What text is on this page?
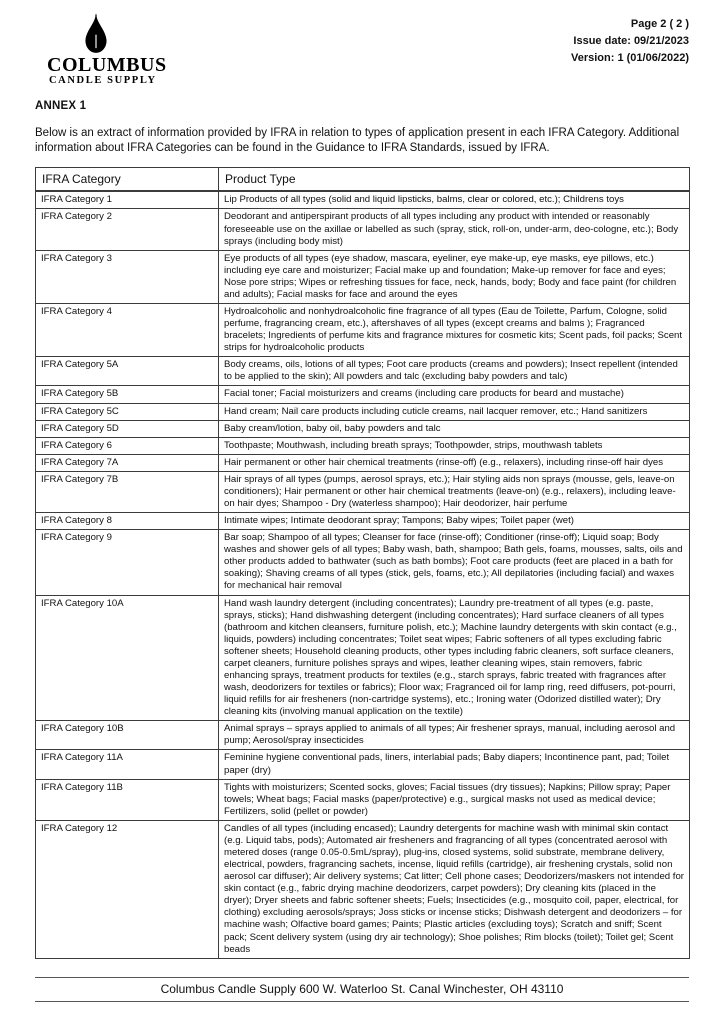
COLUMBUS
CANDLE SUPPLY
Page 2 ( 2 )
Issue date: 09/21/2023
Version: 1 (01/06/2022)
ANNEX 1
Below is an extract of information provided by IFRA in relation to types of application present in each IFRA Category. Additional information about IFRA Categories can be found in the Guidance to IFRA Standards, issued by IFRA.
IFRA Category	Product Type
IFRA Category 1	Lip Products of all types (solid and liquid lipsticks, balms, clear or colored, etc.); Childrens toys
IFRA Category 2	Deodorant and antiperspirant products of all types including any product with intended or reasonably foreseeable use on the axillae or labelled as such (spray, stick, roll-on, under-arm, deo-cologne, etc.); Body sprays (including body mist)
IFRA Category 3	Eye products of all types (eye shadow, mascara, eyeliner, eye make-up, eye masks, eye pillows, etc.) including eye care and moisturizer; Facial make up and foundation; Make-up remover for face and eyes; Nose pore strips; Wipes or refreshing tissues for face, neck, hands, body; Body and face paint (for children and adults); Facial masks for face and around the eyes
IFRA Category 4	Hydroalcoholic and nonhydroalcoholic fine fragrance of all types (Eau de Toilette, Parfum, Cologne, solid perfume, fragrancing cream, etc.), aftershaves of all types (except creams and balms ); Fragranced bracelets; Ingredients of perfume kits and fragrance mixtures for cosmetic kits; Scent pads, foil packs; Scent strips for hydroalcoholic products
IFRA Category 5A	Body creams, oils, lotions of all types; Foot care products (creams and powders); Insect repellent (intended to be applied to the skin); All powders and talc (excluding baby powders and talc)
IFRA Category 5B	Facial toner; Facial moisturizers and creams (including care products for beard and mustache)
IFRA Category 5C	Hand cream; Nail care products including cuticle creams, nail lacquer remover, etc.; Hand sanitizers
IFRA Category 5D	Baby cream/lotion, baby oil, baby powders and talc
IFRA Category 6	Toothpaste; Mouthwash, including breath sprays; Toothpowder, strips, mouthwash tablets
IFRA Category 7A	Hair permanent or other hair chemical treatments (rinse-off) (e.g., relaxers), including rinse-off hair dyes
IFRA Category 7B	Hair sprays of all types (pumps, aerosol sprays, etc.); Hair styling aids non sprays (mousse, gels, leave-on conditioners); Hair permanent or other hair chemical treatments (leave-on) (e.g., relaxers), including leave-on hair dyes; Shampoo - Dry (waterless shampoo); Hair deodorizer, hair perfume
IFRA Category 8	Intimate wipes; Intimate deodorant spray; Tampons; Baby wipes; Toilet paper (wet)
IFRA Category 9	Bar soap; Shampoo of all types; Cleanser for face (rinse-off); Conditioner (rinse-off); Liquid soap; Body washes and shower gels of all types; Baby wash, bath, shampoo; Bath gels, foams, mousses, salts, oils and other products added to bathwater (such as bath bombs); Foot care products (feet are placed in a bath for soaking); Shaving creams of all types (stick, gels, foams, etc.); All depilatories (including facial) and waxes for mechanical hair removal
IFRA Category 10A	Hand wash laundry detergent (including concentrates); Laundry pre-treatment of all types (e.g. paste, sprays, sticks); Hand dishwashing detergent (including concentrates); Hard surface cleaners of all types (bathroom and kitchen cleansers, furniture polish, etc.); Machine laundry detergents with skin contact (e.g., liquids, powders) including concentrates; Toilet seat wipes; Fabric softeners of all types excluding fabric softener sheets; Household cleaning products, other types including fabric cleaners, soft surface cleaners, carpet cleaners, furniture polishes sprays and wipes, leather cleaning wipes, stain removers, fabric enhancing sprays, treatment products for textiles (e.g., starch sprays, fabric treated with fragrances after wash, deodorizers for textiles or fabrics); Floor wax; Fragranced oil for lamp ring, reed diffusers, pot-pourri, liquid refills for air fresheners (non-cartridge systems), etc.; Ironing water (Odorized distilled water); Dry cleaning kits (involving manual application on the textile)
IFRA Category 10B	Animal sprays – sprays applied to animals of all types; Air freshener sprays, manual, including aerosol and pump; Aerosol/spray insecticides
IFRA Category 11A	Feminine hygiene conventional pads, liners, interlabial pads; Baby diapers; Incontinence pant, pad; Toilet paper (dry)
IFRA Category 11B	Tights with moisturizers; Scented socks, gloves; Facial tissues (dry tissues); Napkins; Pillow spray; Paper towels; Wheat bags; Facial masks (paper/protective) e.g., surgical masks not used as medical device; Fertilizers, solid (pellet or powder)
IFRA Category 12	Candles of all types (including encased); Laundry detergents for machine wash with minimal skin contact (e.g. Liquid tabs, pods); Automated air fresheners and fragrancing of all types (concentrated aerosol with metered doses (range 0.05-0.5mL/spray), plug-ins, closed systems, solid substrate, membrane delivery, electrical, powders, fragrancing sachets, incense, liquid refills (cartridge), air freshening crystals, solid non aerosol car diffuser); Air delivery systems; Cat litter; Cell phone cases; Deodorizers/maskers not intended for skin contact (e.g., fabric drying machine deodorizers, carpet powders); Dry cleaning kits (placed in the dryer); Dryer sheets and fabric softener sheets; Fuels; Insecticides (e.g., mosquito coil, paper, electrical, for clothing) excluding aerosols/sprays; Joss sticks or incense sticks; Dishwash detergent and deodorizers – for machine wash; Olfactive board games; Paints; Plastic articles (excluding toys); Scratch and sniff; Scent pack; Scent delivery system (using dry air technology); Shoe polishes; Rim blocks (toilet); Toilet gel; Scent beads
Columbus Candle Supply 600 W. Waterloo St. Canal Winchester, OH 43110
